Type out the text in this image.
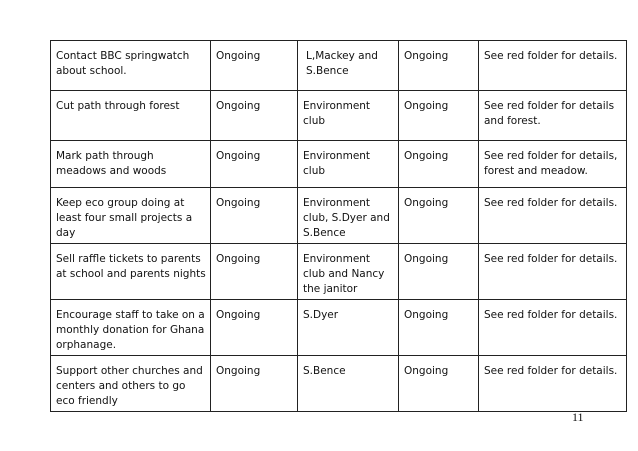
Contact BBC springwatch about school.	Ongoing	L,Mackey and S.Bence	Ongoing	See red folder for details.
Cut path through forest	Ongoing	Environment club	Ongoing	See red folder for details and forest.
Mark path through meadows and woods	Ongoing	Environment club	Ongoing	See red folder for details, forest and meadow.
Keep eco group doing at least four small projects a day	Ongoing	Environment club, S.Dyer and S.Bence	Ongoing	See red folder for details.
Sell raffle tickets to parents at school and parents nights	Ongoing	Environment club and Nancy the janitor	Ongoing	See red folder for details.
Encourage staff to take on a monthly donation for Ghana orphanage.	Ongoing	S.Dyer	Ongoing	See red folder for details.
Support other churches and centers and others to go eco friendly	Ongoing	S.Bence	Ongoing	See red folder for details.
11
